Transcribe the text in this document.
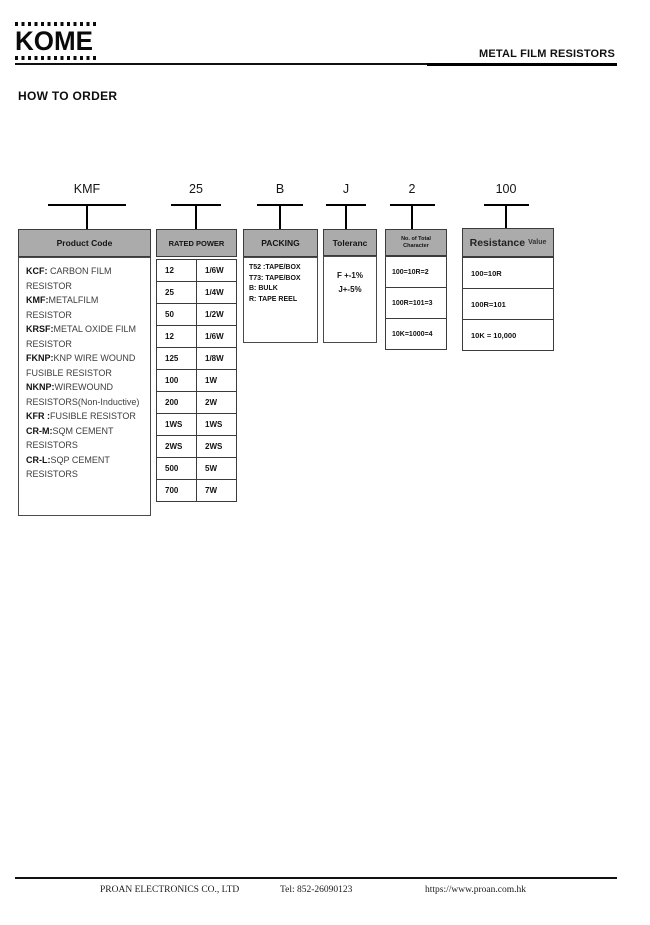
KOME	METAL FILM RESISTORS
HOW TO ORDER
KMF	25	B	J	2	100
Product Code
KCF: CARBON FILM RESISTOR
KMF:METALFILM RESISTOR
KRSF:METAL OXIDE FILM RESISTOR
FKNP:KNP WIRE WOUND FUSIBLE RESISTOR
NKNP:WIREWOUND RESISTORS(Non-Inductive)
KFR :FUSIBLE RESISTOR
CR-M:SQM CEMENT RESISTORS
CR-L:SQP CEMENT RESISTORS
RATED POWER
12	1/6W
25	1/4W
50	1/2W
12	1/6W
125	1/8W
100	1W
200	2W
1WS	1WS
2WS	2WS
500	5W
700	7W
PACKING
T52 :TAPE/BOX
T73: TAPE/BOX
B: BULK
R: TAPE REEL
Toleranc
F +-1%
J+-5%
No. of Total
Character
100=10R=2
100R=101=3
10K=1000=4
Resistance Value
100=10R
100R=101
10K = 10,000
PROAN ELECTRONICS CO., LTD	Tel: 852-26090123	https://www.proan.com.hk
